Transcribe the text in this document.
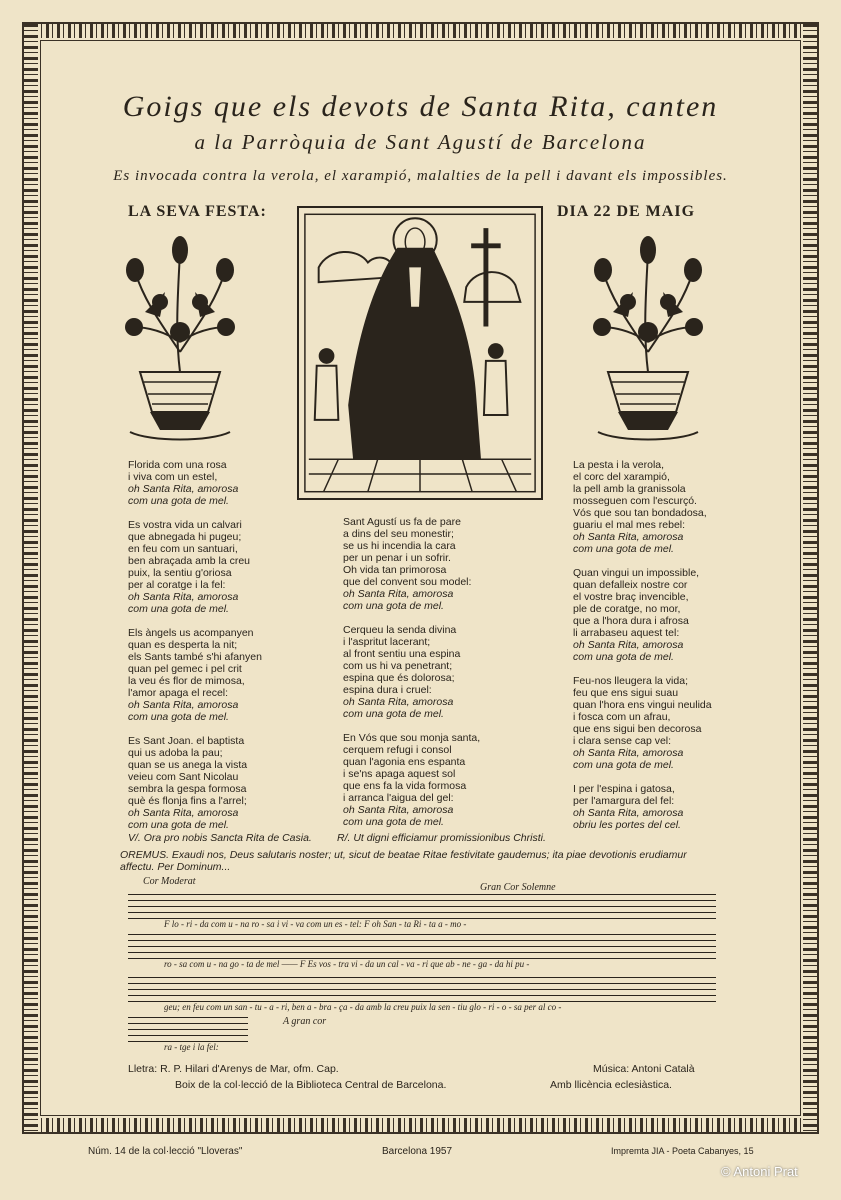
Goigs que els devots de Santa Rita, canten
a la Parròquia de Sant Agustí de Barcelona
Es invocada contra la verola, el xarampió, malalties de la pell i davant els impossibles.
LA SEVA FESTA:	DIA 22 DE MAIG
Florida com una rosa
i viva com un estel,
oh Santa Rita, amorosa
com una gota de mel.
Es vostra vida un calvari
que abnegada hi pugeu;
en feu com un santuari,
ben abraçada amb la creu
puix, la sentiu g'oriosa
per al coratge i la fel:
oh Santa Rita, amorosa
com una gota de mel.
Els àngels us acompanyen
quan es desperta la nit;
els Sants també s'hi afanyen
quan pel gemec i pel crit
la veu és flor de mimosa,
l'amor apaga el recel:
oh Santa Rita, amorosa
com una gota de mel.
Es Sant Joan. el baptista
qui us adoba la pau;
quan se us anega la vista
veieu com Sant Nicolau
sembra la gespa formosa
què és flonja fins a l'arrel;
oh Santa Rita, amorosa
com una gota de mel.
Sant Agustí us fa de pare
a dins del seu monestir;
se us hi incendia la cara
per un penar i un sofrir.
Oh vida tan primorosa
que del convent sou model:
oh Santa Rita, amorosa
com una gota de mel.
Cerqueu la senda divina
i l'aspritut lacerant;
al front sentiu una espina
com us hi va penetrant;
espina que és dolorosa;
espina dura i cruel:
oh Santa Rita, amorosa
com una gota de mel.
En Vós que sou monja santa,
cerquem refugi i consol
quan l'agonia ens espanta
i se'ns apaga aquest sol
que ens fa la vida formosa
i arranca l'aigua del gel:
oh Santa Rita, amorosa
com una gota de mel.
La pesta i la verola,
el corc del xarampió,
la pell amb la granissola
mosseguen com l'escurçó.
Vós que sou tan bondadosa,
guariu el mal mes rebel:
oh Santa Rita, amorosa
com una gota de mel.
Quan vingui un impossible,
quan defalleix nostre cor
el vostre braç invencible,
ple de coratge, no mor,
que a l'hora dura i afrosa
li arrabaseu aquest tel:
oh Santa Rita, amorosa
com una gota de mel.
Feu-nos lleugera la vida;
feu que ens sigui suau
quan l'hora ens vingui neulida
i fosca com un afrau,
que ens sigui ben decorosa
i clara sense cap vel:
oh Santa Rita, amorosa
com una gota de mel.
I per l'espina i gatosa,
per l'amargura del fel:
oh Santa Rita, amorosa
obriu les portes del cel.
V/. Ora pro nobis Sancta Rita de Casia. R/. Ut digni efficiamur promissionibus Christi.
OREMUS. Exaudi nos, Deus salutaris noster; ut, sicut de beatae Ritae festivitate gaudemus; ita piae devotionis erudiamur
affectu. Per Dominum...
Cor Moderat
Gran Cor Solemne
F lo - ri - da com u - na ro - sa i vi - va com un es - tel: F oh San - ta Ri - ta a - mo -
ro - sa com u - na go - ta de mel —— F Es vos - tra vi - da un cal - va - ri que ab - ne - ga - da hi pu -
geu; en feu com un san - tu - a - ri, ben a - bra - ça - da amb la creu puix la sen - tiu glo - ri - o - sa per al co -
A gran cor
ra - tge i la fel:
Lletra: R. P. Hilari d'Arenys de Mar, ofm. Cap.	Música: Antoni Català
Boix de la col·lecció de la Biblioteca Central de Barcelona.	Amb llicència eclesiàstica.
Núm. 14 de la col·lecció "Lloveras"	Barcelona 1957	Impremta JIA - Poeta Cabanyes, 15
© Antoni Prat
